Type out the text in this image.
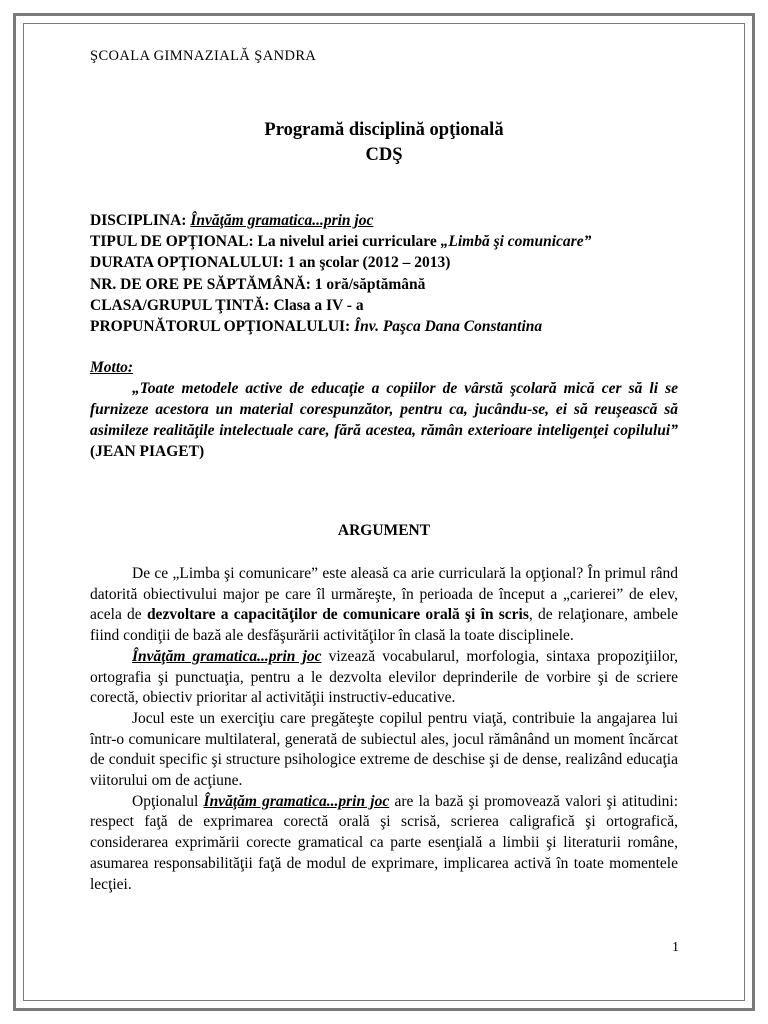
ŞCOALA GIMNAZIALĂ ŞANDRA
Programă disciplină opţională
CDŞ
DISCIPLINA: Învăţăm gramatica...prin joc
TIPUL DE OPŢIONAL: La nivelul ariei curriculare „Limbă şi comunicare”
DURATA OPŢIONALULUI: 1 an şcolar (2012 – 2013)
NR. DE ORE PE SĂPTĂMÂNĂ: 1 oră/săptămână
CLASA/GRUPUL ŢINTĂ: Clasa a IV - a
PROPUNĂTORUL OPŢIONALULUI: Înv. Paşca Dana Constantina
Motto:

„Toate metodele active de educaţie a copiilor de vârstă şcolară mică cer să li se furnizeze acestora un material corespunzător, pentru ca, jucându-se, ei să reuşească să asimileze realităţile intelectuale care, fără acestea, rămân exterioare inteligenţei copilului” (JEAN PIAGET)

ARGUMENT

De ce „Limba şi comunicare” este aleasă ca arie curriculară la opţional? În primul rând datorită obiectivului major pe care îl urmăreşte, în perioada de început a „carierei” de elev, acela de dezvoltare a capacităţilor de comunicare orală şi în scris, de relaţionare, ambele fiind condiţii de bază ale desfăşurării activităţilor în clasă la toate disciplinele.

Învăţăm gramatica...prin joc vizează vocabularul, morfologia, sintaxa propoziţiilor, ortografia şi punctuaţia, pentru a le dezvolta elevilor deprinderile de vorbire şi de scriere corectă, obiectiv prioritar al activităţii instructiv-educative.

Jocul este un exerciţiu care pregăteşte copilul pentru viaţă, contribuie la angajarea lui într-o comunicare multilateral, generată de subiectul ales, jocul rămânând un moment încărcat de conduit specific şi structure psihologice extreme de deschise şi de dense, realizând educaţia viitorului om de acţiune.

Opţionalul Învăţăm gramatica...prin joc are la bază şi promovează valori şi atitudini: respect faţă de exprimarea corectă orală şi scrisă, scrierea caligrafică şi ortografică, considerarea exprimării corecte gramatical ca parte esenţială a limbii şi literaturii române, asumarea responsabilităţii faţă de modul de exprimare, implicarea activă în toate momentele lecţiei.

1
